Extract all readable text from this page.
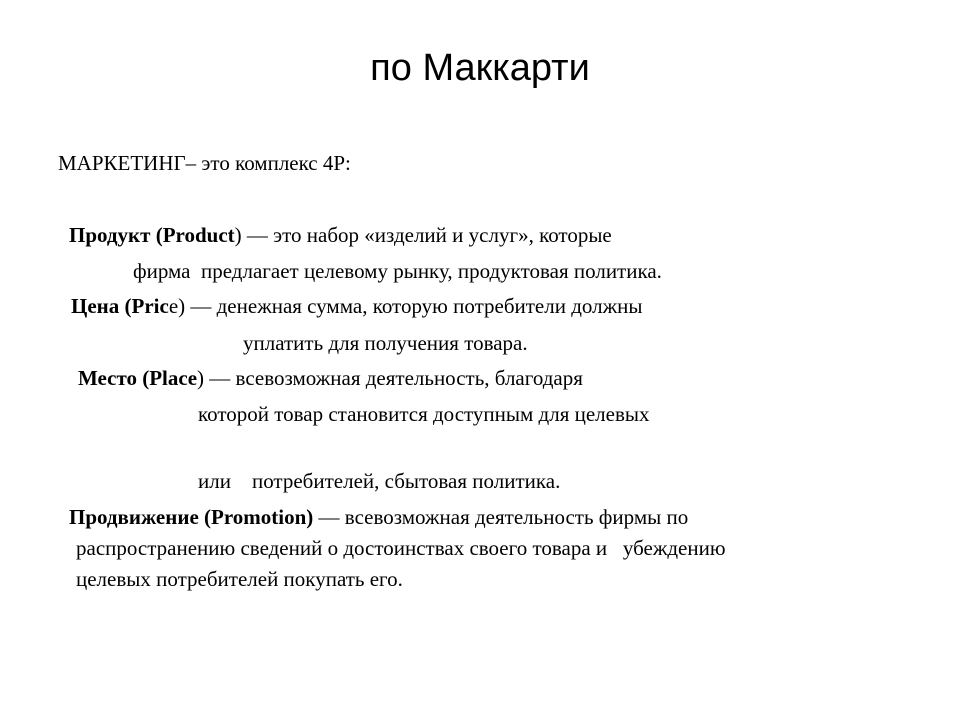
по Маккарти
МАРКЕТИНГ– это комплекс 4P:
Продукт (Product) — это набор «изделий и услуг», которые
фирма  предлагает целевому рынку, продуктовая политика.
Цена (Pricе) — денежная сумма, которую потребители должны
уплатить для получения товара.
Место (Place) — всевозможная деятельность, благодаря
которой товар становится доступным для целевых
или    потребителей, сбытовая политика.
Продвижение (Promotion) — всевозможная деятельность фирмы по
распространению сведений о достоинствах своего товара и   убеждению
целевых потребителей покупать его.
